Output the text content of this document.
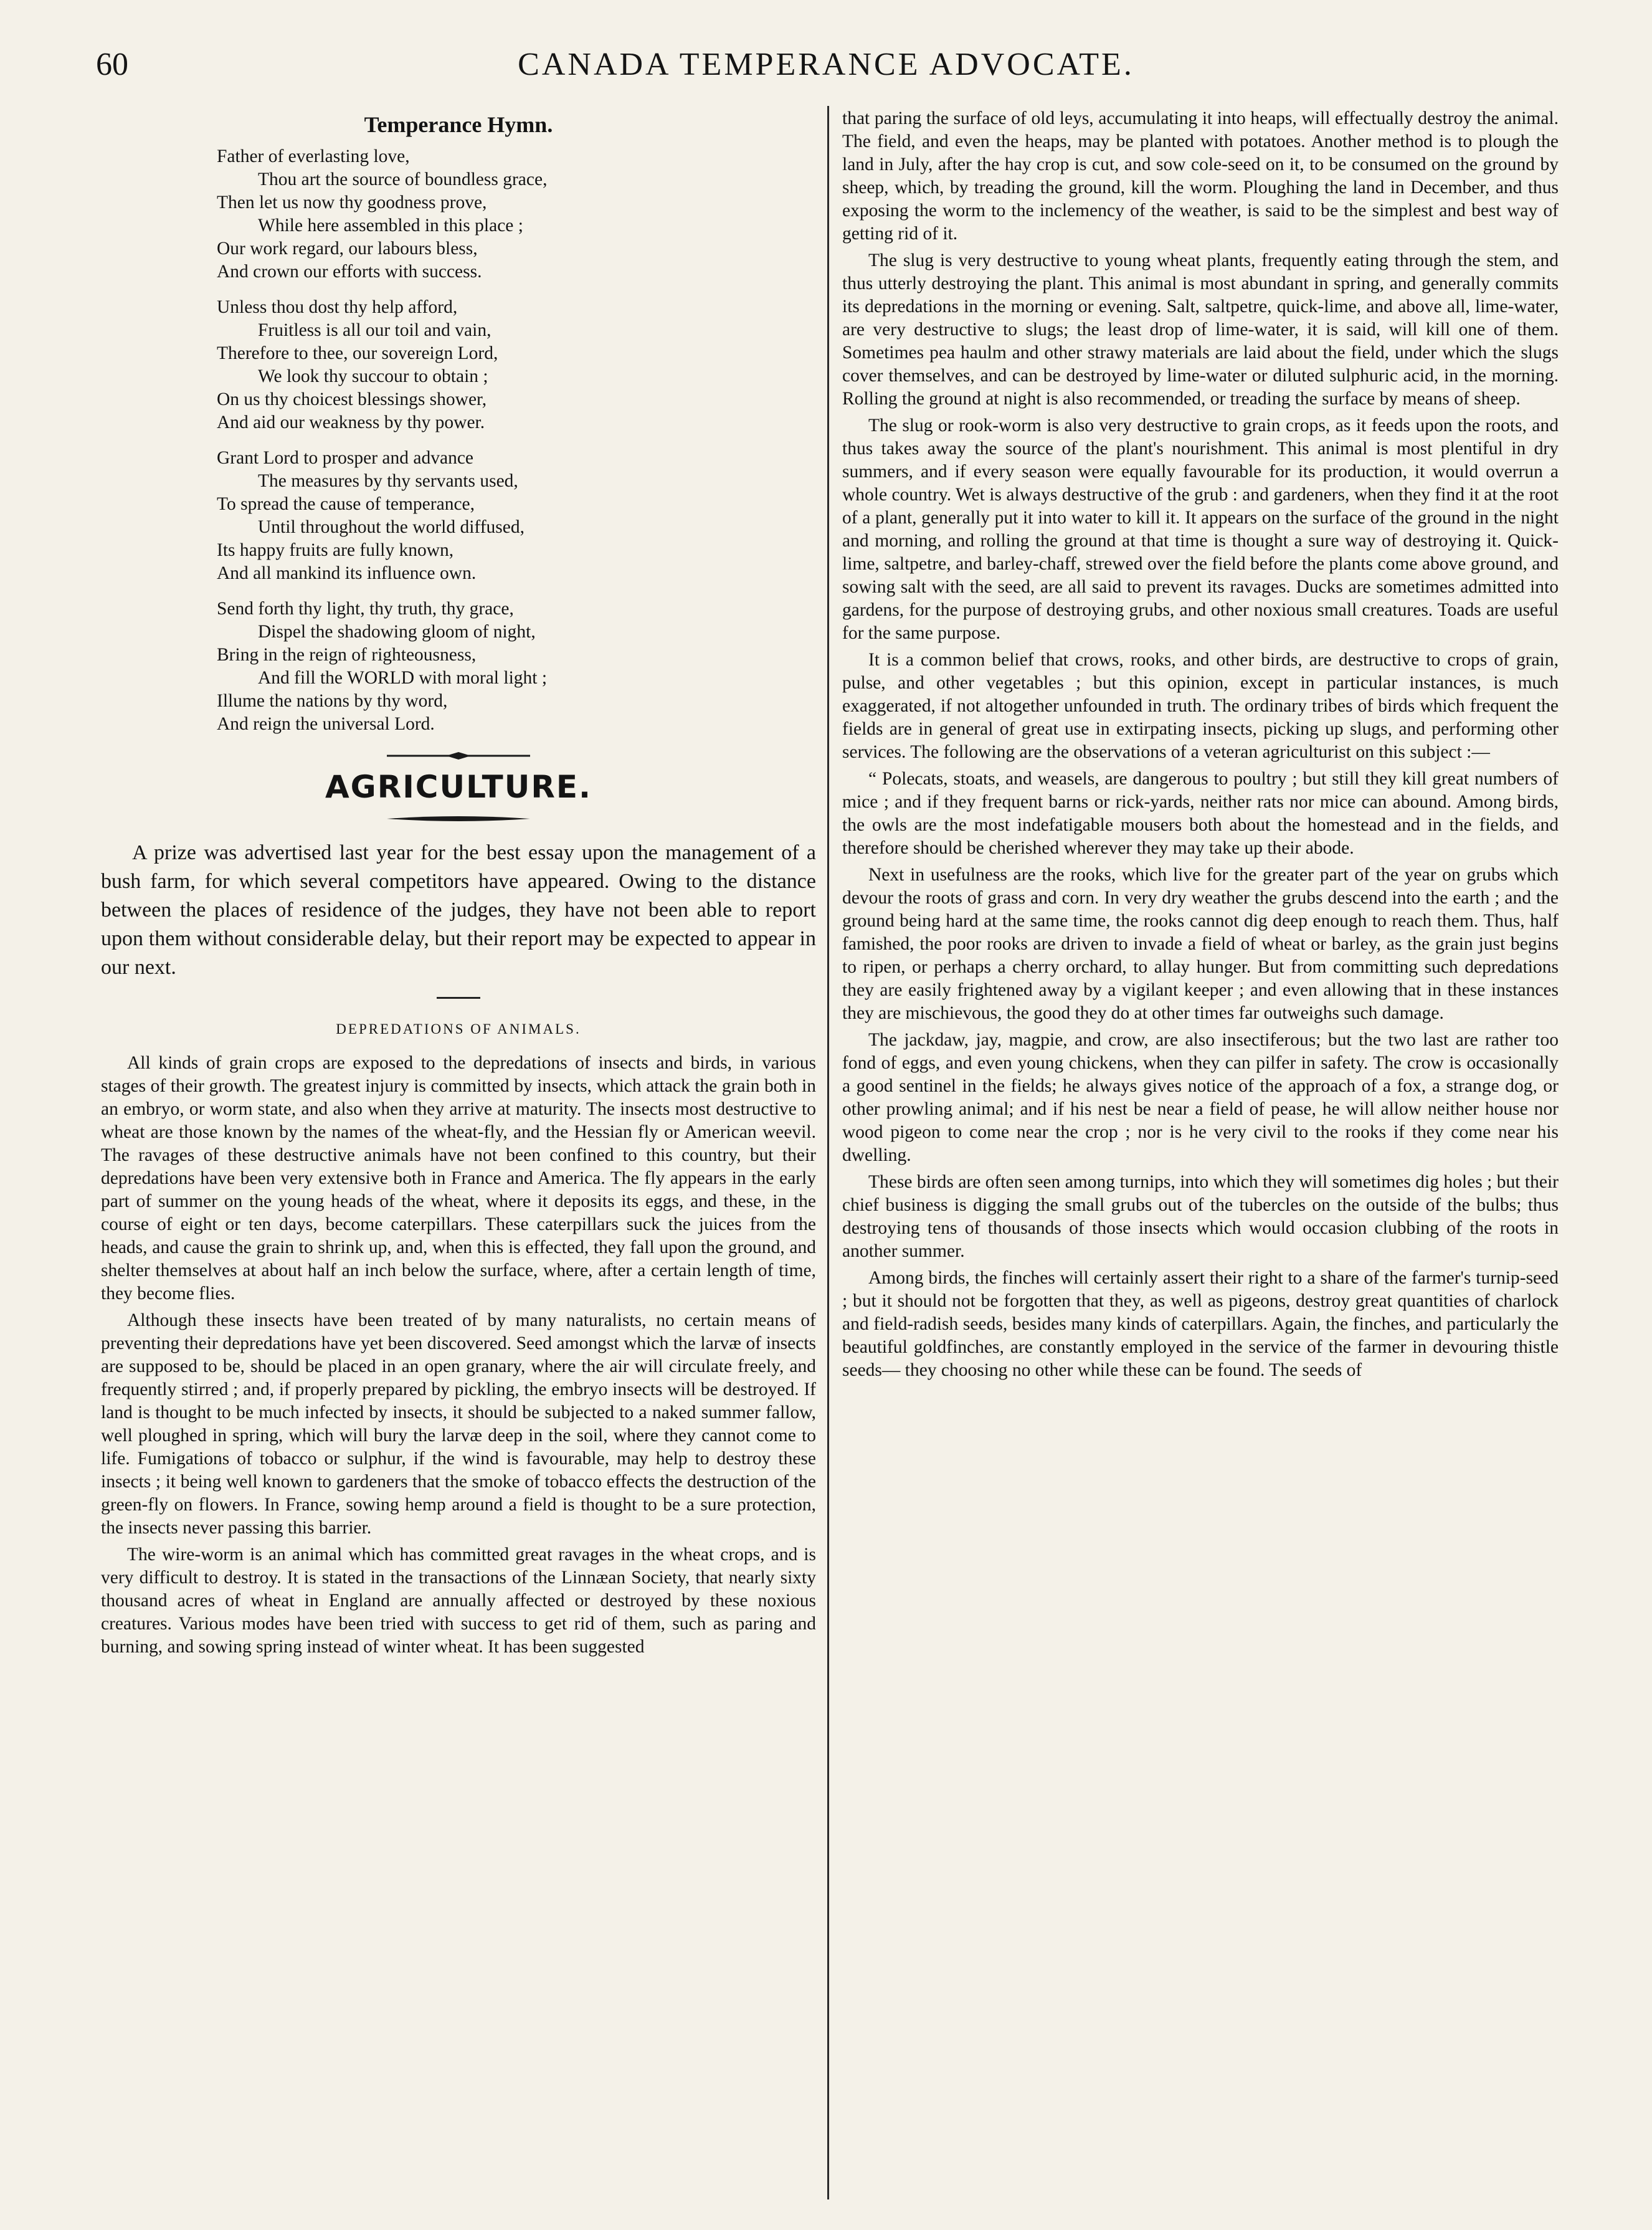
60	CANADA TEMPERANCE ADVOCATE.
Temperance Hymn.
Father of everlasting love,
Thou art the source of boundless grace,
Then let us now thy goodness prove,
While here assembled in this place ;
Our work regard, our labours bless,
And crown our efforts with success.
Unless thou dost thy help afford,
Fruitless is all our toil and vain,
Therefore to thee, our sovereign Lord,
We look thy succour to obtain ;
On us thy choicest blessings shower,
And aid our weakness by thy power.
Grant Lord to prosper and advance
The measures by thy servants used,
To spread the cause of temperance,
Until throughout the world diffused,
Its happy fruits are fully known,
And all mankind its influence own.
Send forth thy light, thy truth, thy grace,
Dispel the shadowing gloom of night,
Bring in the reign of righteousness,
And fill the WORLD with moral light ;
Illume the nations by thy word,
And reign the universal Lord.
AGRICULTURE.

A prize was advertised last year for the best essay upon the management of a bush farm, for which several competitors have appeared. Owing to the distance between the places of residence of the judges, they have not been able to report upon them without considerable delay, but their report may be expected to appear in our next.

DEPREDATIONS OF ANIMALS.

All kinds of grain crops are exposed to the depredations of insects and birds, in various stages of their growth. The greatest injury is committed by insects, which attack the grain both in an embryo, or worm state, and also when they arrive at maturity. The insects most destructive to wheat are those known by the names of the wheat-fly, and the Hessian fly or American weevil. The ravages of these destructive animals have not been confined to this country, but their depredations have been very extensive both in France and America. The fly appears in the early part of summer on the young heads of the wheat, where it deposits its eggs, and these, in the course of eight or ten days, become caterpillars. These caterpillars suck the juices from the heads, and cause the grain to shrink up, and, when this is effected, they fall upon the ground, and shelter themselves at about half an inch below the surface, where, after a certain length of time, they become flies.

Although these insects have been treated of by many naturalists, no certain means of preventing their depredations have yet been discovered. Seed amongst which the larvæ of insects are supposed to be, should be placed in an open granary, where the air will circulate freely, and frequently stirred ; and, if properly prepared by pickling, the embryo insects will be destroyed. If land is thought to be much infected by insects, it should be subjected to a naked summer fallow, well ploughed in spring, which will bury the larvæ deep in the soil, where they cannot come to life. Fumigations of tobacco or sulphur, if the wind is favourable, may help to destroy these insects ; it being well known to gardeners that the smoke of tobacco effects the destruction of the green-fly on flowers. In France, sowing hemp around a field is thought to be a sure protection, the insects never passing this barrier.

The wire-worm is an animal which has committed great ravages in the wheat crops, and is very difficult to destroy. It is stated in the transactions of the Linnæan Society, that nearly sixty thousand acres of wheat in England are annually affected or destroyed by these noxious creatures. Various modes have been tried with success to get rid of them, such as paring and burning, and sowing spring instead of winter wheat. It has been suggested

that paring the surface of old leys, accumulating it into heaps, will effectually destroy the animal. The field, and even the heaps, may be planted with potatoes. Another method is to plough the land in July, after the hay crop is cut, and sow cole-seed on it, to be consumed on the ground by sheep, which, by treading the ground, kill the worm. Ploughing the land in December, and thus exposing the worm to the inclemency of the weather, is said to be the simplest and best way of getting rid of it.

The slug is very destructive to young wheat plants, frequently eating through the stem, and thus utterly destroying the plant. This animal is most abundant in spring, and generally commits its depredations in the morning or evening. Salt, saltpetre, quick-lime, and above all, lime-water, are very destructive to slugs; the least drop of lime-water, it is said, will kill one of them. Sometimes pea haulm and other strawy materials are laid about the field, under which the slugs cover themselves, and can be destroyed by lime-water or diluted sulphuric acid, in the morning. Rolling the ground at night is also recommended, or treading the surface by means of sheep.

The slug or rook-worm is also very destructive to grain crops, as it feeds upon the roots, and thus takes away the source of the plant's nourishment. This animal is most plentiful in dry summers, and if every season were equally favourable for its production, it would overrun a whole country. Wet is always destructive of the grub : and gardeners, when they find it at the root of a plant, generally put it into water to kill it. It appears on the surface of the ground in the night and morning, and rolling the ground at that time is thought a sure way of destroying it. Quick-lime, saltpetre, and barley-chaff, strewed over the field before the plants come above ground, and sowing salt with the seed, are all said to prevent its ravages. Ducks are sometimes admitted into gardens, for the purpose of destroying grubs, and other noxious small creatures. Toads are useful for the same purpose.

It is a common belief that crows, rooks, and other birds, are destructive to crops of grain, pulse, and other vegetables ; but this opinion, except in particular instances, is much exaggerated, if not altogether unfounded in truth. The ordinary tribes of birds which frequent the fields are in general of great use in extirpating insects, picking up slugs, and performing other services. The following are the observations of a veteran agriculturist on this subject :—

“ Polecats, stoats, and weasels, are dangerous to poultry ; but still they kill great numbers of mice ; and if they frequent barns or rick-yards, neither rats nor mice can abound. Among birds, the owls are the most indefatigable mousers both about the homestead and in the fields, and therefore should be cherished wherever they may take up their abode.

Next in usefulness are the rooks, which live for the greater part of the year on grubs which devour the roots of grass and corn. In very dry weather the grubs descend into the earth ; and the ground being hard at the same time, the rooks cannot dig deep enough to reach them. Thus, half famished, the poor rooks are driven to invade a field of wheat or barley, as the grain just begins to ripen, or perhaps a cherry orchard, to allay hunger. But from committing such depredations they are easily frightened away by a vigilant keeper ; and even allowing that in these instances they are mischievous, the good they do at other times far outweighs such damage.

The jackdaw, jay, magpie, and crow, are also insectiferous; but the two last are rather too fond of eggs, and even young chickens, when they can pilfer in safety. The crow is occasionally a good sentinel in the fields; he always gives notice of the approach of a fox, a strange dog, or other prowling animal; and if his nest be near a field of pease, he will allow neither house nor wood pigeon to come near the crop ; nor is he very civil to the rooks if they come near his dwelling.

These birds are often seen among turnips, into which they will sometimes dig holes ; but their chief business is digging the small grubs out of the tubercles on the outside of the bulbs; thus destroying tens of thousands of those insects which would occasion clubbing of the roots in another summer.

Among birds, the finches will certainly assert their right to a share of the farmer's turnip-seed ; but it should not be forgotten that they, as well as pigeons, destroy great quantities of charlock and field-radish seeds, besides many kinds of caterpillars. Again, the finches, and particularly the beautiful goldfinches, are constantly employed in the service of the farmer in devouring thistle seeds— they choosing no other while these can be found. The seeds of
